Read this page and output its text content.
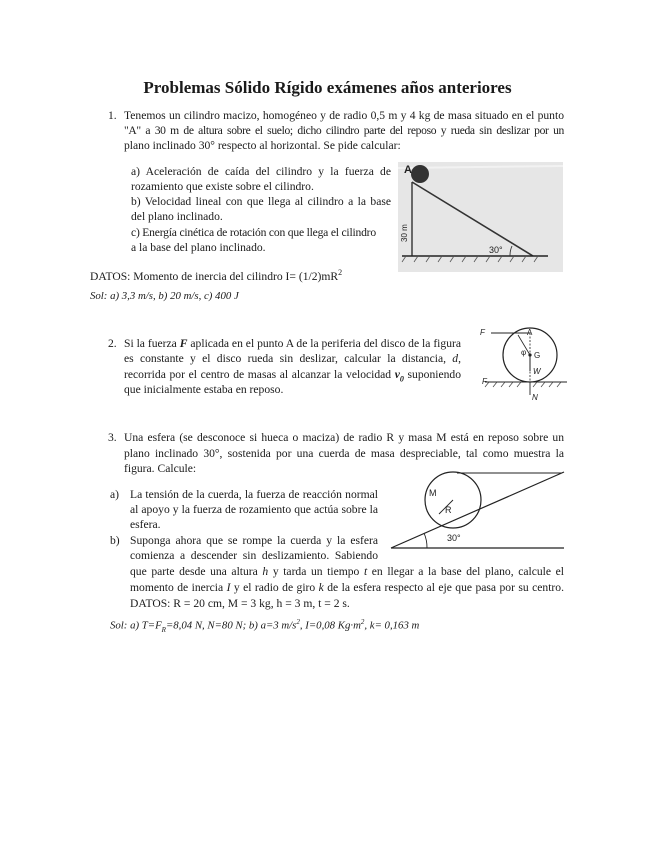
Problemas Sólido Rígido exámenes años anteriores
1. Tenemos un cilindro macizo, homogéneo y de radio 0,5 m y 4 kg de masa situado en el punto
"A" a 30 m de altura sobre el suelo; dicho cilindro parte del reposo y rueda sin deslizar por un
plano inclinado 30° respecto al horizontal. Se pide calcular:
a) Aceleración de caída del cilindro y la fuerza de
rozamiento que existe sobre el cilindro.
b) Velocidad lineal con que llega al cilindro a la base
del plano inclinado.
c) Energía cinética de rotación con que llega el cilindro
a la base del plano inclinado.
A
30 m
30°
DATOS: Momento de inercia del cilindro $I= (1/2)mR^2$
Sol: a) 3,3 m/s, b) 20 m/s, c) 400 J
2. Si la fuerza F aplicada en el punto A de la periferia del disco de la figura
es constante y el disco rueda sin deslizar, calcular la distancia, d,
recorrida por el centro de masas al alcanzar la velocidad $v_0$ suponiendo
que inicialmente estaba en reposo.
F	A
φ G
W
F
N
3. Una esfera (se desconoce si hueca o maciza) de radio R y masa M está en reposo sobre un
plano inclinado 30°, sostenida por una cuerda de masa despreciable, tal como muestra la
figura. Calcule:
a) La tensión de la cuerda, la fuerza de reacción normal
al apoyo y la fuerza de rozamiento que actúa sobre la
esfera.
b) Suponga ahora que se rompe la cuerda y la esfera
comienza a descender sin deslizamiento. Sabiendo
que parte desde una altura h y tarda un tiempo t en llegar a la base del plano, calcule el
momento de inercia I y el radio de giro k de la esfera respecto al eje que pasa por su centro.
DATOS: R = 20 cm, M = 3 kg, h = 3 m, t = 2 s.
Sol: a) $T=F_R=8,04$ N, N=80 N; b) a=3 $m/s^2$, I=0,08 $Kg\cdot m^2$, k= 0,163 m
M
R
30°
